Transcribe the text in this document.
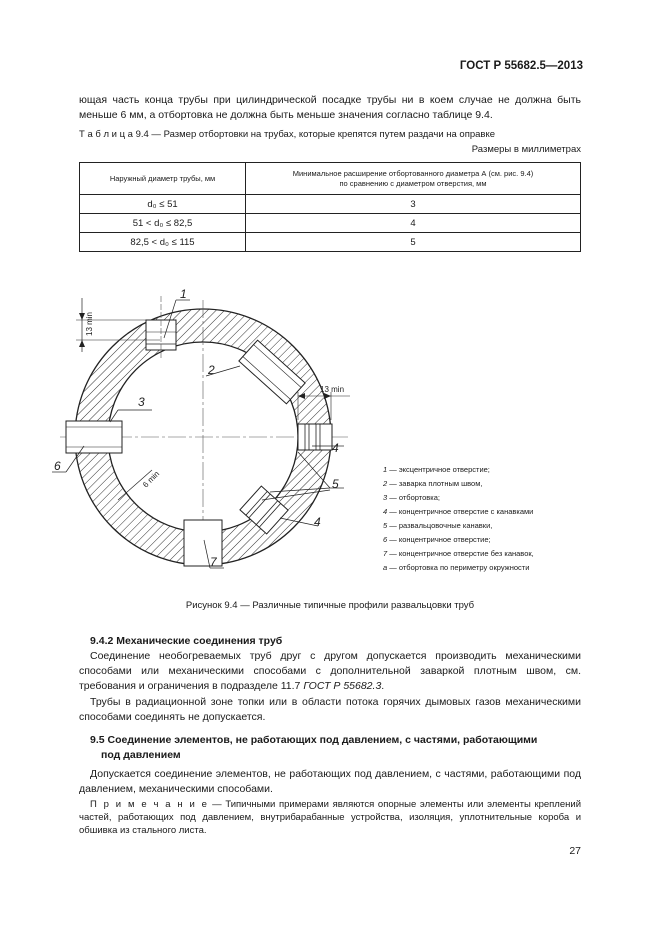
ГОСТ Р 55682.5—2013
ющая часть конца трубы при цилиндрической посадке трубы ни в коем случае не должна быть меньше 6 мм, а отбортовка не должна быть меньше значения согласно таблице 9.4.
Т а б л и ц а 9.4 — Размер отбортовки на трубах, которые крепятся путем раздачи на оправке
Размеры в миллиметрах
Наружный диаметр трубы, мм	Минимальное расширение отбортованного диаметра А (см. рис. 9.4)
по сравнению с диаметром отверстия, мм

d₀ ≤ 51	3
51 < d₀ ≤ 82,5	4
82,5 < d₀ ≤ 115	5
13 min
13 min
6 min
1
2
3
4
5
6
4
7
1 — эксцентричное отверстие;
2 — заварка плотным швом,
3 — отбортовка;
4 — концентричное отверстие с канавками
5 — развальцовочные канавки,
6 — концентричное отверстие;
7 — концентричное отверстие без канавок,
a — отбортовка по периметру окружности
Рисунок 9.4 — Различные типичные профили развальцовки труб
9.4.2 Механические соединения труб
Соединение необогреваемых труб друг с другом допускается производить механическими способами или механическими способами с дополнительной заваркой плотным швом, см. требования и ограничения в подразделе 11.7 ГОСТ Р 55682.3.
Трубы в радиационной зоне топки или в области потока горячих дымовых газов механическими способами соединять не допускается.
9.5 Соединение элементов, не работающих под давлением, с частями, работающими
под давлением
Допускается соединение элементов, не работающих под давлением, с частями, работающими под давлением, механическими способами.
П р и м е ч а н и е — Типичными примерами являются опорные элементы или элементы креплений частей, работающих под давлением, внутрибарабанные устройства, изоляция, уплотнительные короба и обшивка из стального листа.
27
